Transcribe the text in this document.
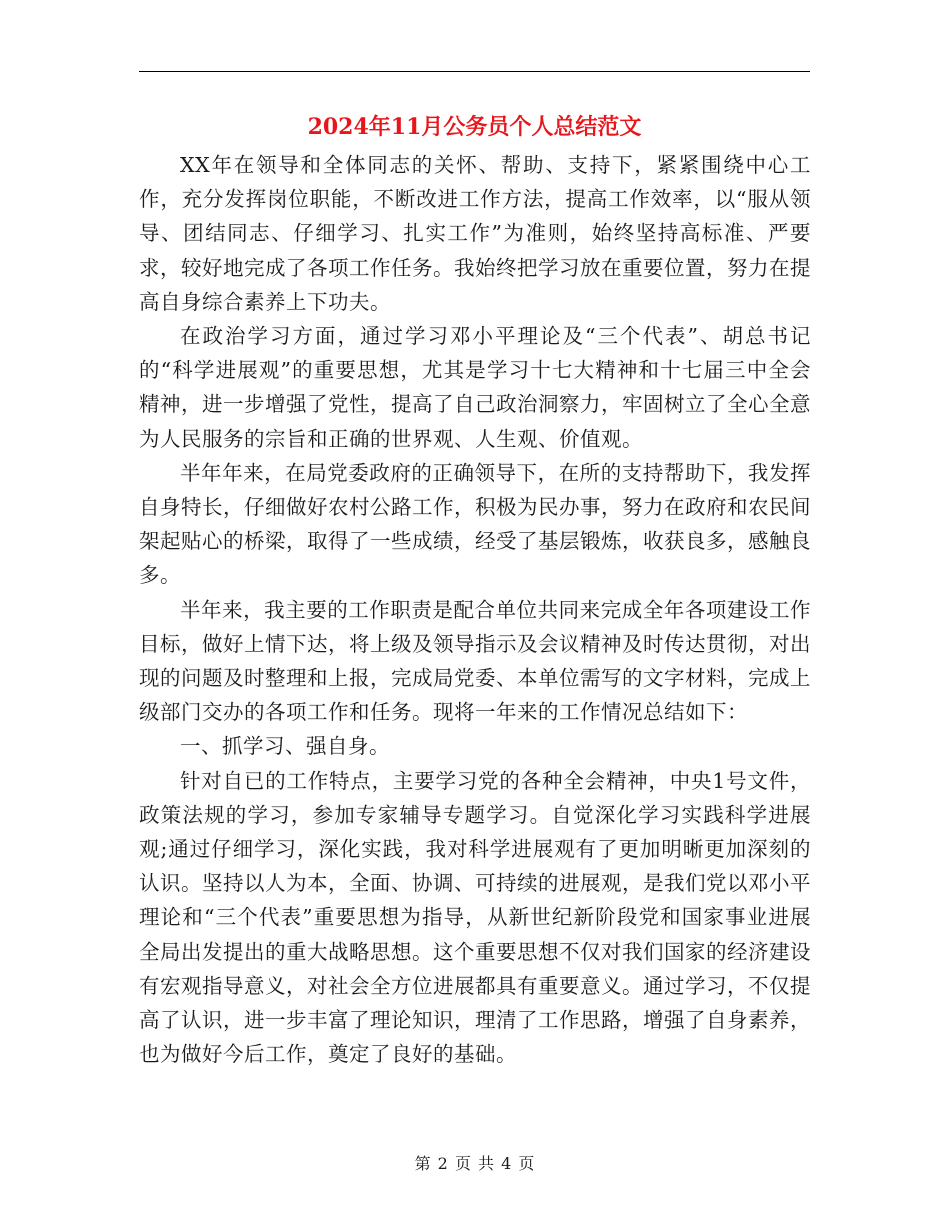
2024年11月公务员个人总结范文

XX年在领导和全体同志的关怀、帮助、支持下，紧紧围绕中心工作，充分发挥岗位职能，不断改进工作方法，提高工作效率，以“服从领导、团结同志、仔细学习、扎实工作”为准则，始终坚持高标准、严要求，较好地完成了各项工作任务。我始终把学习放在重要位置，努力在提高自身综合素养上下功夫。

在政治学习方面，通过学习邓小平理论及“三个代表”、胡总书记的“科学进展观”的重要思想，尤其是学习十七大精神和十七届三中全会精神，进一步增强了党性，提高了自己政治洞察力，牢固树立了全心全意为人民服务的宗旨和正确的世界观、人生观、价值观。

半年年来，在局党委政府的正确领导下，在所的支持帮助下，我发挥自身特长，仔细做好农村公路工作，积极为民办事，努力在政府和农民间架起贴心的桥梁，取得了一些成绩，经受了基层锻炼，收获良多，感触良多。

半年来，我主要的工作职责是配合单位共同来完成全年各项建设工作目标，做好上情下达，将上级及领导指示及会议精神及时传达贯彻，对出现的问题及时整理和上报，完成局党委、本单位需写的文字材料，完成上级部门交办的各项工作和任务。现将一年来的工作情况总结如下：

一、抓学习、强自身。

针对自已的工作特点，主要学习党的各种全会精神，中央1号文件，政策法规的学习，参加专家辅导专题学习。自觉深化学习实践科学进展观;通过仔细学习，深化实践，我对科学进展观有了更加明晰更加深刻的认识。坚持以人为本，全面、协调、可持续的进展观，是我们党以邓小平理论和“三个代表”重要思想为指导，从新世纪新阶段党和国家事业进展全局出发提出的重大战略思想。这个重要思想不仅对我们国家的经济建设有宏观指导意义，对社会全方位进展都具有重要意义。通过学习，不仅提高了认识，进一步丰富了理论知识，理清了工作思路，增强了自身素养，也为做好今后工作，奠定了良好的基础。

第 2 页 共 4 页
